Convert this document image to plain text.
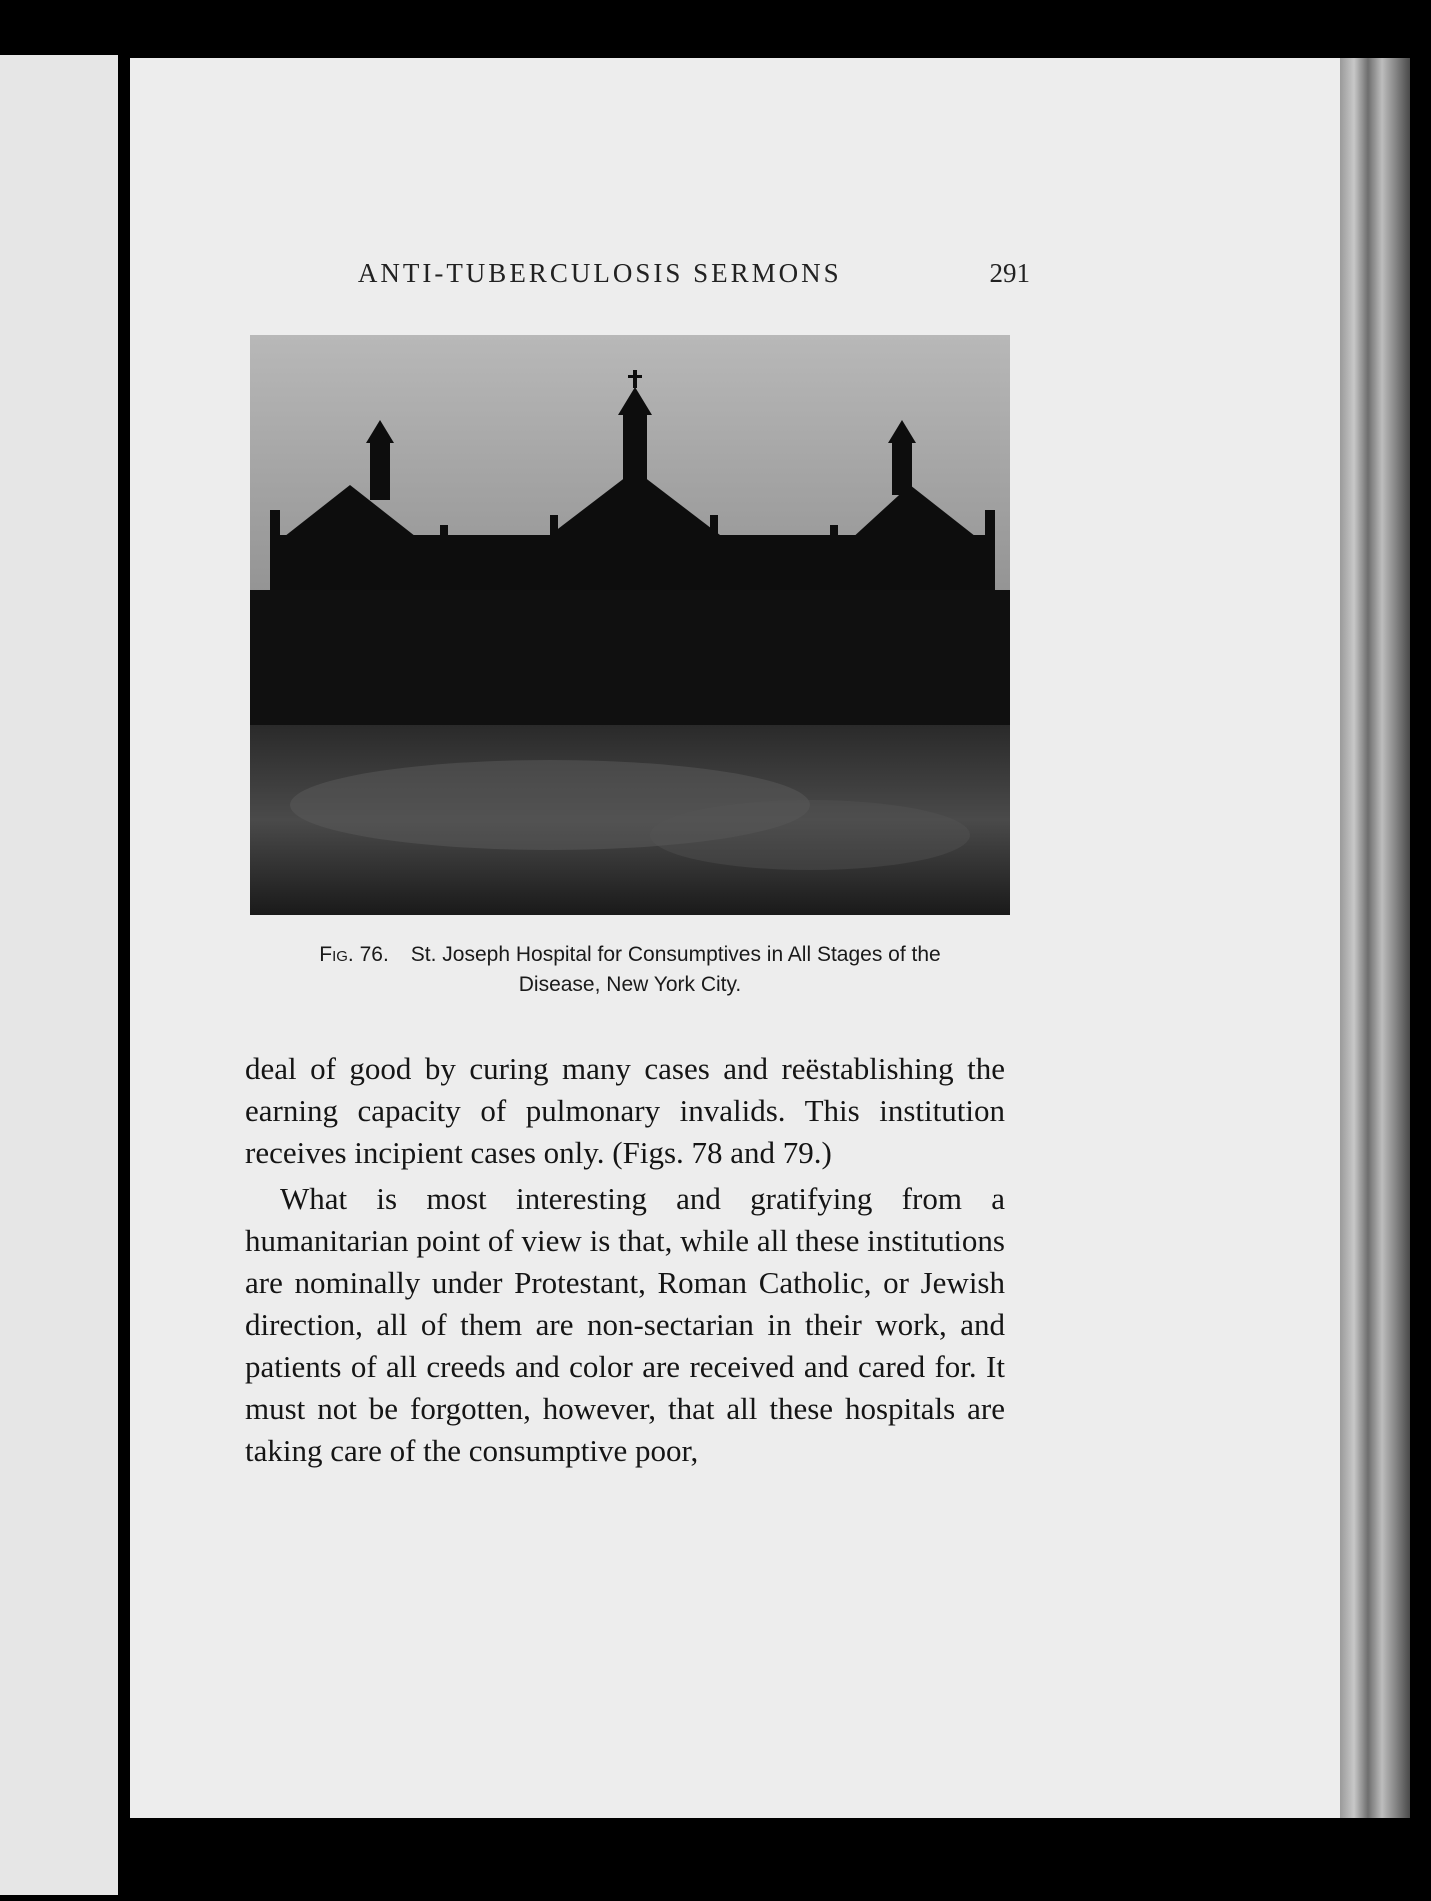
ANTI-TUBERCULOSIS SERMONS	291
Fig. 76. St. Joseph Hospital for Consumptives in All Stages of the
Disease, New York City.

deal of good by curing many cases and reëstablishing the earning capacity of pulmonary invalids. This institution receives incipient cases only. (Figs. 78 and 79.)

What is most interesting and gratifying from a humanitarian point of view is that, while all these institutions are nominally under Protestant, Roman Catholic, or Jewish direction, all of them are non-sectarian in their work, and patients of all creeds and color are received and cared for. It must not be forgotten, however, that all these hospitals are taking care of the consumptive poor,
